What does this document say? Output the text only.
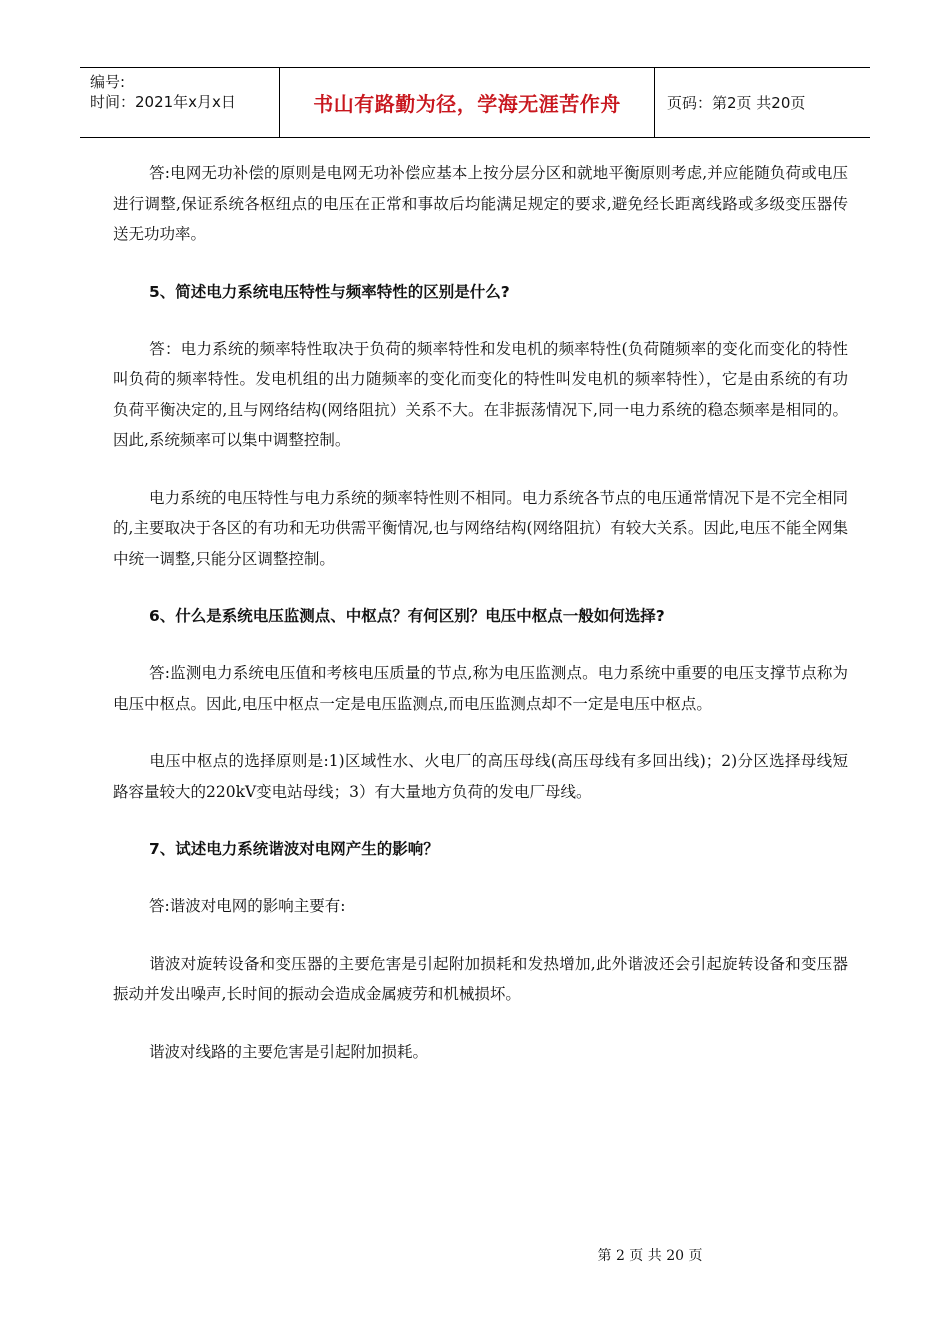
编号:
时间：2021年x月x日	书山有路勤为径，学海无涯苦作舟	页码：第2页 共20页

答:电网无功补偿的原则是电网无功补偿应基本上按分层分区和就地平衡原则考虑,并应能随负荷或电压进行调整,保证系统各枢纽点的电压在正常和事故后均能满足规定的要求,避免经长距离线路或多级变压器传送无功功率。

5、简述电力系统电压特性与频率特性的区别是什么?

答：电力系统的频率特性取决于负荷的频率特性和发电机的频率特性(负荷随频率的变化而变化的特性叫负荷的频率特性。发电机组的出力随频率的变化而变化的特性叫发电机的频率特性），它是由系统的有功负荷平衡决定的,且与网络结构(网络阻抗）关系不大。在非振荡情况下,同一电力系统的稳态频率是相同的。因此,系统频率可以集中调整控制。

电力系统的电压特性与电力系统的频率特性则不相同。电力系统各节点的电压通常情况下是不完全相同的,主要取决于各区的有功和无功供需平衡情况,也与网络结构(网络阻抗）有较大关系。因此,电压不能全网集中统一调整,只能分区调整控制。

6、什么是系统电压监测点、中枢点？有何区别？电压中枢点一般如何选择?

答:监测电力系统电压值和考核电压质量的节点,称为电压监测点。电力系统中重要的电压支撑节点称为电压中枢点。因此,电压中枢点一定是电压监测点,而电压监测点却不一定是电压中枢点。

电压中枢点的选择原则是:1)区域性水、火电厂的高压母线(高压母线有多回出线)；2)分区选择母线短路容量较大的220kV变电站母线；3）有大量地方负荷的发电厂母线。

7、试述电力系统谐波对电网产生的影响？

答:谐波对电网的影响主要有:

谐波对旋转设备和变压器的主要危害是引起附加损耗和发热增加,此外谐波还会引起旋转设备和变压器振动并发出噪声,长时间的振动会造成金属疲劳和机械损坏。

谐波对线路的主要危害是引起附加损耗。

第 2 页 共 20 页
